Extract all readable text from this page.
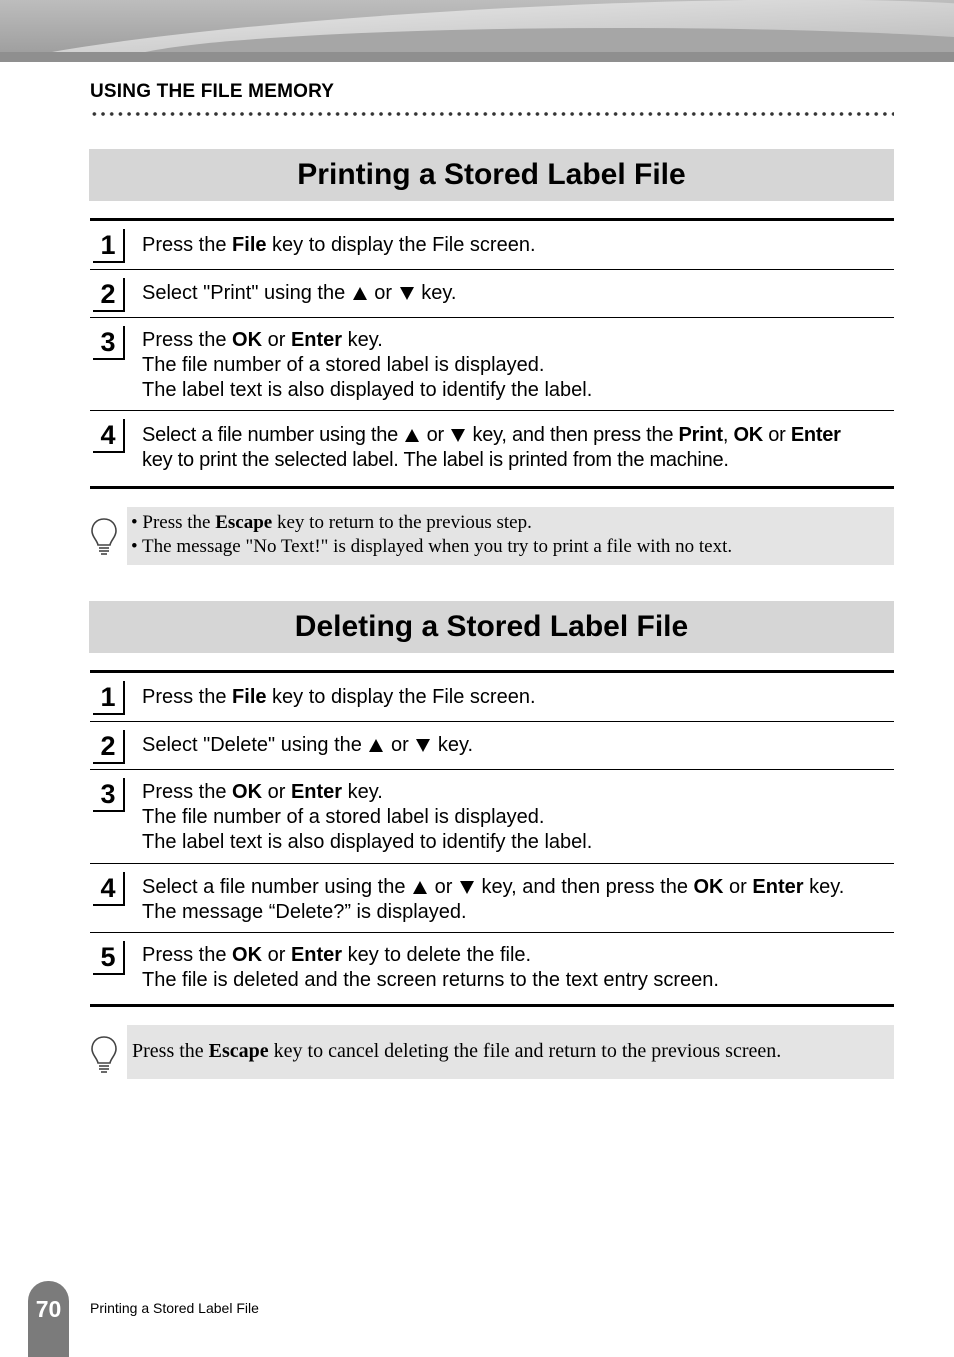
USING THE FILE MEMORY
Printing a Stored Label File
1	Press the File key to display the File screen.
2	Select "Print" using the  or  key.
3	Press the OK or Enter key.
The file number of a stored label is displayed.
The label text is also displayed to identify the label.
4	Select a file number using the  or  key, and then press the Print, OK or Enter
key to print the selected label. The label is printed from the machine.
• Press the Escape key to return to the previous step.
• The message "No Text!" is displayed when you try to print a file with no text.
Deleting a Stored Label File
1	Press the File key to display the File screen.
2	Select "Delete" using the  or  key.
3	Press the OK or Enter key.
The file number of a stored label is displayed.
The label text is also displayed to identify the label.
4	Select a file number using the  or  key, and then press the OK or Enter key.
The message “Delete?” is displayed.
5	Press the OK or Enter key to delete the file.
The file is deleted and the screen returns to the text entry screen.
Press the Escape key to cancel deleting the file and return to the previous screen.
70	Printing a Stored Label File
